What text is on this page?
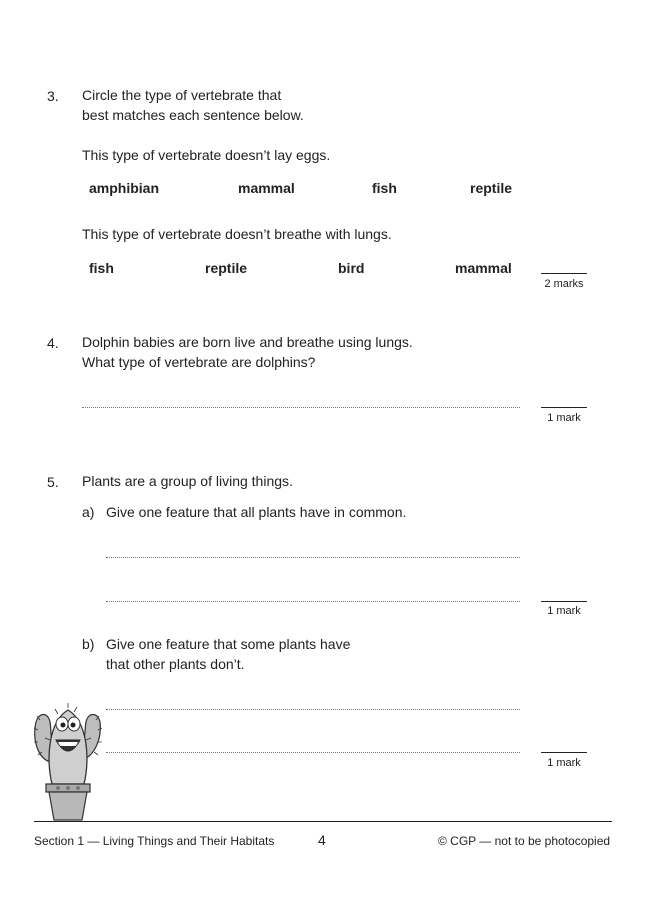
3. Circle the type of vertebrate that
best matches each sentence below.
This type of vertebrate doesn’t lay eggs.
amphibian	mammal	fish	reptile
This type of vertebrate doesn’t breathe with lungs.
fish	reptile	bird	mammal
2 marks
4. Dolphin babies are born live and breathe using lungs.
What type of vertebrate are dolphins?
1 mark
5. Plants are a group of living things.
a) Give one feature that all plants have in common.
1 mark
b) Give one feature that some plants have
that other plants don’t.
1 mark
Section 1 — Living Things and Their Habitats	4	© CGP — not to be photocopied
